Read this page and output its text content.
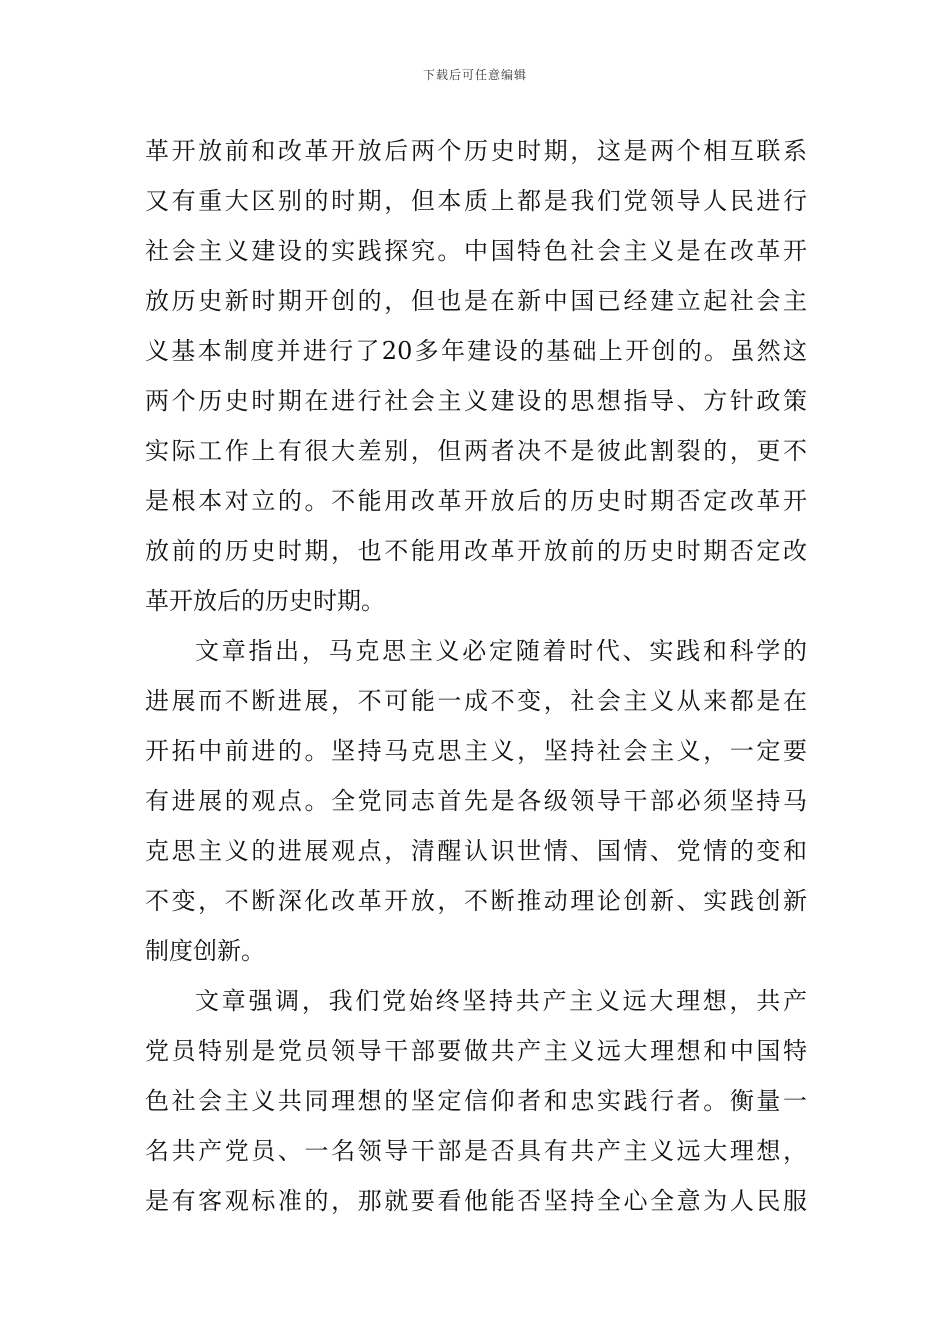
下载后可任意编辑
革开放前和改革开放后两个历史时期，这是两个相互联系
又有重大区别的时期，但本质上都是我们党领导人民进行
社会主义建设的实践探究。中国特色社会主义是在改革开
放历史新时期开创的，但也是在新中国已经建立起社会主
义基本制度并进行了20多年建设的基础上开创的。虽然这
两个历史时期在进行社会主义建设的思想指导、方针政策
实际工作上有很大差别，但两者决不是彼此割裂的，更不
是根本对立的。不能用改革开放后的历史时期否定改革开
放前的历史时期，也不能用改革开放前的历史时期否定改
革开放后的历史时期。
文章指出，马克思主义必定随着时代、实践和科学的
进展而不断进展，不可能一成不变，社会主义从来都是在
开拓中前进的。坚持马克思主义，坚持社会主义，一定要
有进展的观点。全党同志首先是各级领导干部必须坚持马
克思主义的进展观点，清醒认识世情、国情、党情的变和
不变，不断深化改革开放，不断推动理论创新、实践创新
制度创新。
文章强调，我们党始终坚持共产主义远大理想，共产
党员特别是党员领导干部要做共产主义远大理想和中国特
色社会主义共同理想的坚定信仰者和忠实践行者。衡量一
名共产党员、一名领导干部是否具有共产主义远大理想，
是有客观标准的，那就要看他能否坚持全心全意为人民服
